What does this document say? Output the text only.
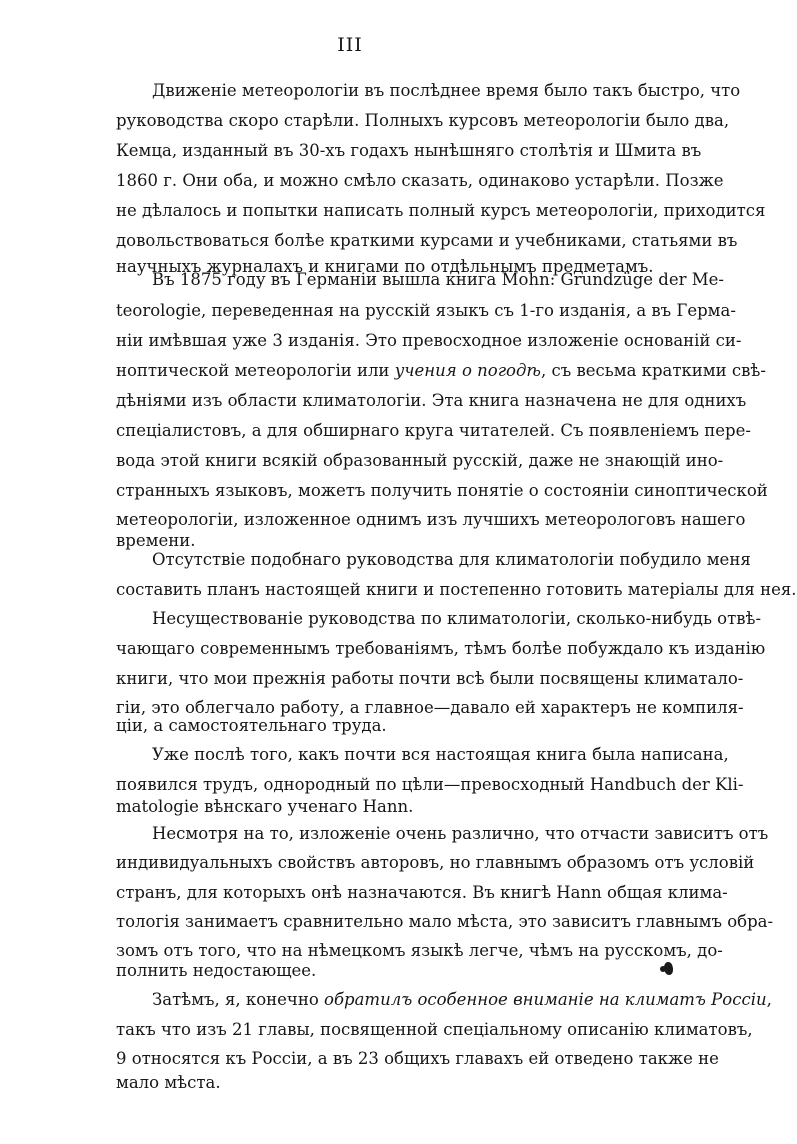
III
Движеніе метеорологіи въ послѣднее время было такъ быстро, что
руководства скоро старѣли. Полныхъ курсовъ метеорологіи было два,
Кемца, изданный въ 30-хъ годахъ нынѣшняго столѣтія и Шмита въ
1860 г. Они оба, и можно смѣло сказать, одинаково устарѣли. Позже
не дѣлалось и попытки написать полный курсъ метеорологіи, приходится
довольствоваться болѣе краткими курсами и учебниками, статьями въ
научныхъ журналахъ и книгами по отдѣльнымъ предметамъ.
Въ 1875 году въ Германіи вышла книга Mohn: Grundzüge der Me-
teorologie, переведенная на русскій языкъ съ 1-го изданія, а въ Герма-
ніи имѣвшая уже 3 изданія. Это превосходное изложеніе основаній си-
ноптической метеорологіи или учения о погодѣ, съ весьма краткими свѣ-
дѣніями изъ области климатологіи. Эта книга назначена не для однихъ
спеціалистовъ, а для обширнаго круга читателей. Съ появленіемъ пере-
вода этой книги всякій образованный русскій, даже не знающій ино-
странныхъ языковъ, можетъ получить понятіе о состояніи синоптической
метеорологіи, изложенное однимъ изъ лучшихъ метеорологовъ нашего
времени.
Отсутствіе подобнаго руководства для климатологіи побудило меня
составить планъ настоящей книги и постепенно готовить матеріалы для нея.
Несуществованіе руководства по климатологіи, сколько-нибудь отвѣ-
чающаго современнымъ требованіямъ, тѣмъ болѣе побуждало къ изданію
книги, что мои прежнія работы почти всѣ были посвящены климатало-
гіи, это облегчало работу, а главное—давало ей характеръ не компиля-
ціи, а самостоятельнаго труда.
Уже послѣ того, какъ почти вся настоящая книга была написана,
появился трудъ, однородный по цѣли—превосходный Handbuch der Kli-
matologie вѣнскаго ученаго Hann.
Несмотря на то, изложеніе очень различно, что отчасти зависитъ отъ
индивидуальныхъ свойствъ авторовъ, но главнымъ образомъ отъ условій
странъ, для которыхъ онѣ назначаются. Въ книгѣ Hann общая клима-
тологія занимаетъ сравнительно мало мѣста, это зависитъ главнымъ обра-
зомъ отъ того, что на нѣмецкомъ языкѣ легче, чѣмъ на русскомъ, до-
полнить недостающее.
Затѣмъ, я, конечно обратилъ особенное вниманіе на климатъ Россіи,
такъ что изъ 21 главы, посвященной спеціальному описанію климатовъ,
9 относятся къ Россіи, а въ 23 общихъ главахъ ей отведено также не
мало мѣста.
